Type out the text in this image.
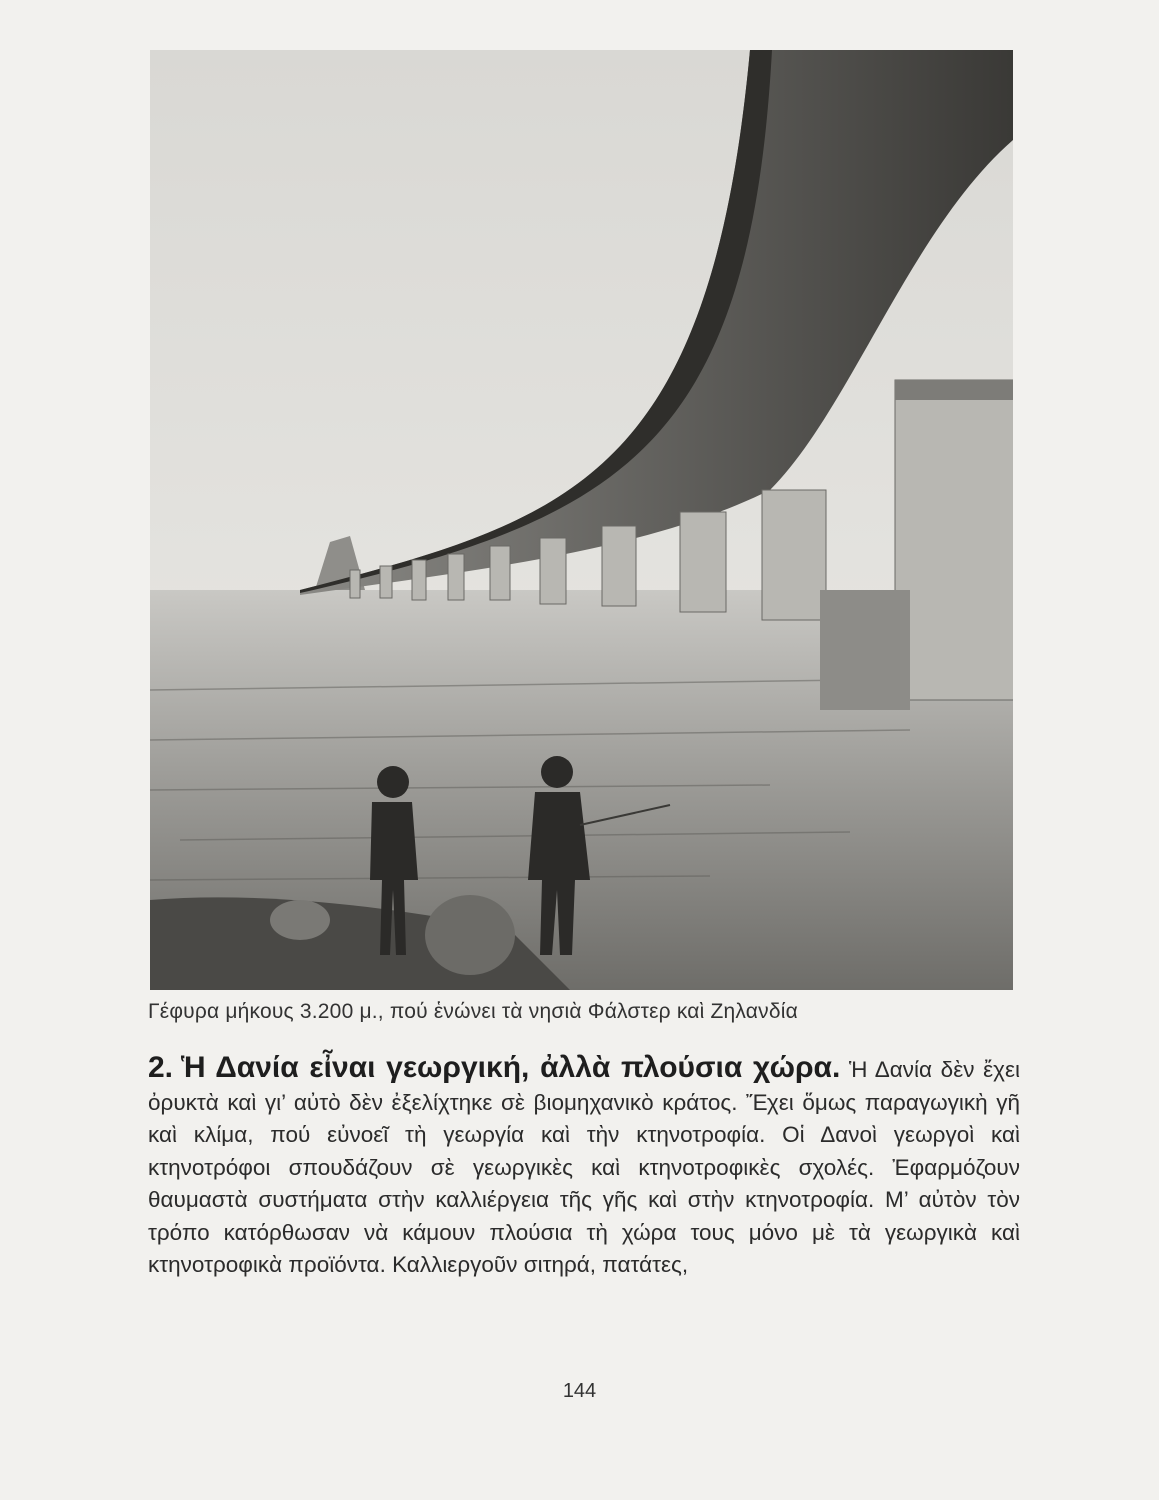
Γέφυρα μήκους 3.200 μ., πού ἑνώνει τὰ νησιὰ Φάλστερ καὶ Ζηλανδία
2. Ἡ Δανία εἶναι γεωργική, ἀλλὰ πλούσια χώρα. Ἡ Δανία δὲν ἔχει ὀρυκτὰ καὶ γι’ αὐτὸ δὲν ἐξελίχτηκε σὲ βιομηχανικὸ κράτος. Ἔχει ὅμως παραγωγικὴ γῆ καὶ κλίμα, πού εὐνοεῖ τὴ γεωργία καὶ τὴν κτηνοτροφία. Οἱ Δανοὶ γεωργοὶ καὶ κτηνοτρόφοι σπουδάζουν σὲ γεωργικὲς καὶ κτηνοτροφικὲς σχολές. Ἐφαρμόζουν θαυμαστὰ συστήματα στὴν καλλιέργεια τῆς γῆς καὶ στὴν κτηνοτροφία. Μ’ αὐτὸν τὸν τρόπο κατόρθωσαν νὰ κάμουν πλούσια τὴ χώρα τους μόνο μὲ τὰ γεωργικὰ καὶ κτηνοτροφικὰ προϊόντα. Καλλιεργοῦν σιτηρά, πατάτες,
144
